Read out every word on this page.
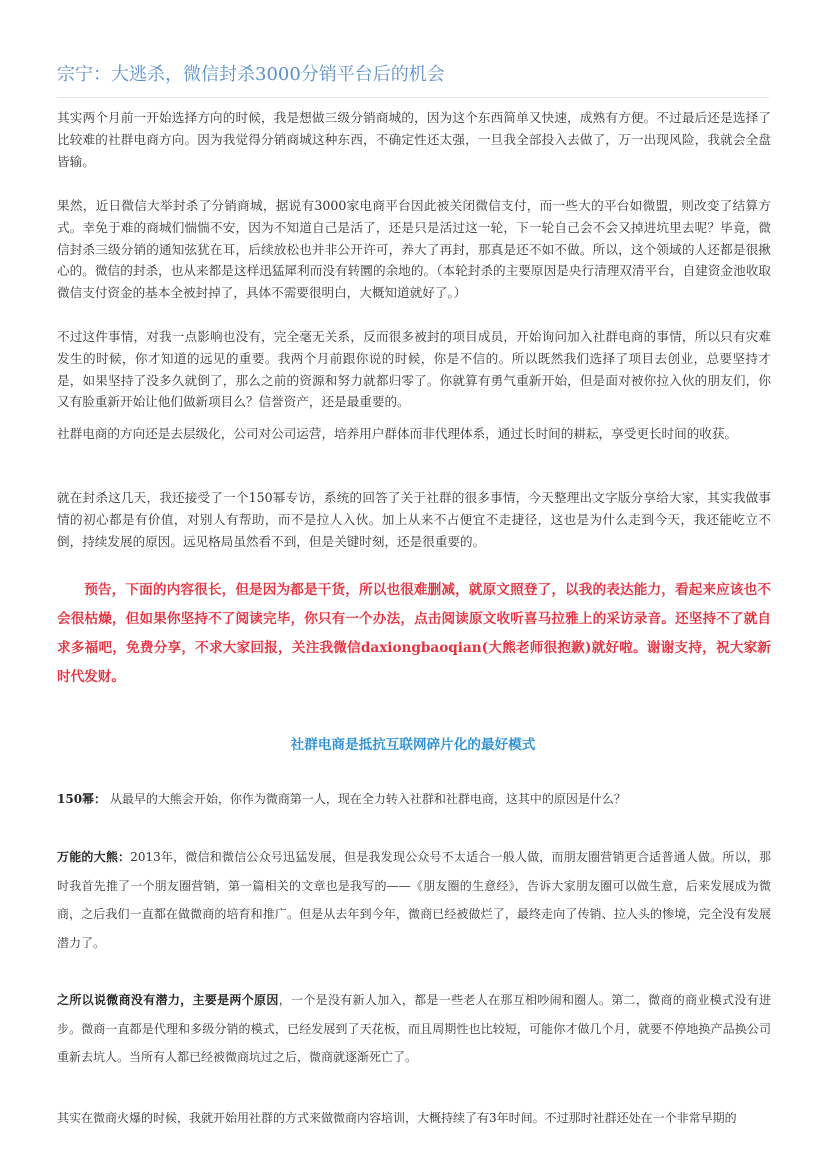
宗宁：大逃杀，微信封杀3000分销平台后的机会

其实两个月前一开始选择方向的时候，我是想做三级分销商城的，因为这个东西简单又快速，成熟有方便。不过最后还是选择了比较难的社群电商方向。因为我觉得分销商城这种东西，不确定性还太强，一旦我全部投入去做了，万一出现风险，我就会全盘皆输。

果然，近日微信大举封杀了分销商城，据说有3000家电商平台因此被关闭微信支付，而一些大的平台如微盟，则改变了结算方式。幸免于难的商城们惴惴不安，因为不知道自己是活了，还是只是活过这一轮，下一轮自己会不会又掉进坑里去呢？毕竟，微信封杀三级分销的通知弦犹在耳，后续放松也并非公开许可，养大了再封，那真是还不如不做。所以，这个领域的人还都是很揪心的。微信的封杀，也从来都是这样迅猛犀利而没有转圜的余地的。（本轮封杀的主要原因是央行清理双清平台，自建资金池收取微信支付资金的基本全被封掉了，具体不需要很明白，大概知道就好了。）

不过这件事情，对我一点影响也没有，完全毫无关系，反而很多被封的项目成员，开始询问加入社群电商的事情，所以只有灾难发生的时候，你才知道的远见的重要。我两个月前跟你说的时候，你是不信的。所以既然我们选择了项目去创业，总要坚持才是，如果坚持了没多久就倒了，那么之前的资源和努力就都归零了。你就算有勇气重新开始，但是面对被你拉入伙的朋友们，你又有脸重新开始让他们做新项目么？信誉资产，还是最重要的。

社群电商的方向还是去层级化，公司对公司运营，培养用户群体而非代理体系，通过长时间的耕耘，享受更长时间的收获。

就在封杀这几天，我还接受了一个150幂专访，系统的回答了关于社群的很多事情，今天整理出文字版分享给大家，其实我做事情的初心都是有价值，对别人有帮助，而不是拉人入伙。加上从来不占便宜不走捷径，这也是为什么走到今天，我还能屹立不倒，持续发展的原因。远见格局虽然看不到，但是关键时刻，还是很重要的。

预告，下面的内容很长，但是因为都是干货，所以也很难删减，就原文照登了，以我的表达能力，看起来应该也不会很枯燥，但如果你坚持不了阅读完毕，你只有一个办法，点击阅读原文收听喜马拉雅上的采访录音。还坚持不了就自求多福吧，免费分享，不求大家回报，关注我微信daxiongbaoqian(大熊老师很抱歉)就好啦。谢谢支持，祝大家新时代发财。

社群电商是抵抗互联网碎片化的最好模式

150幂： 从最早的大熊会开始，你作为微商第一人，现在全力转入社群和社群电商，这其中的原因是什么？

万能的大熊：2013年，微信和微信公众号迅猛发展，但是我发现公众号不太适合一般人做，而朋友圈营销更合适普通人做。所以，那时我首先推了一个朋友圈营销，第一篇相关的文章也是我写的——《朋友圈的生意经》，告诉大家朋友圈可以做生意，后来发展成为微商，之后我们一直都在做微商的培育和推广。但是从去年到今年，微商已经被做烂了，最终走向了传销、拉人头的惨境，完全没有发展潜力了。

之所以说微商没有潜力，主要是两个原因，一个是没有新人加入，都是一些老人在那互相吵闹和圈人。第二，微商的商业模式没有进步。微商一直都是代理和多级分销的模式，已经发展到了天花板，而且周期性也比较短，可能你才做几个月，就要不停地换产品换公司重新去坑人。当所有人都已经被微商坑过之后，微商就逐渐死亡了。

其实在微商火爆的时候，我就开始用社群的方式来做微商内容培训，大概持续了有3年时间。不过那时社群还处在一个非常早期的
